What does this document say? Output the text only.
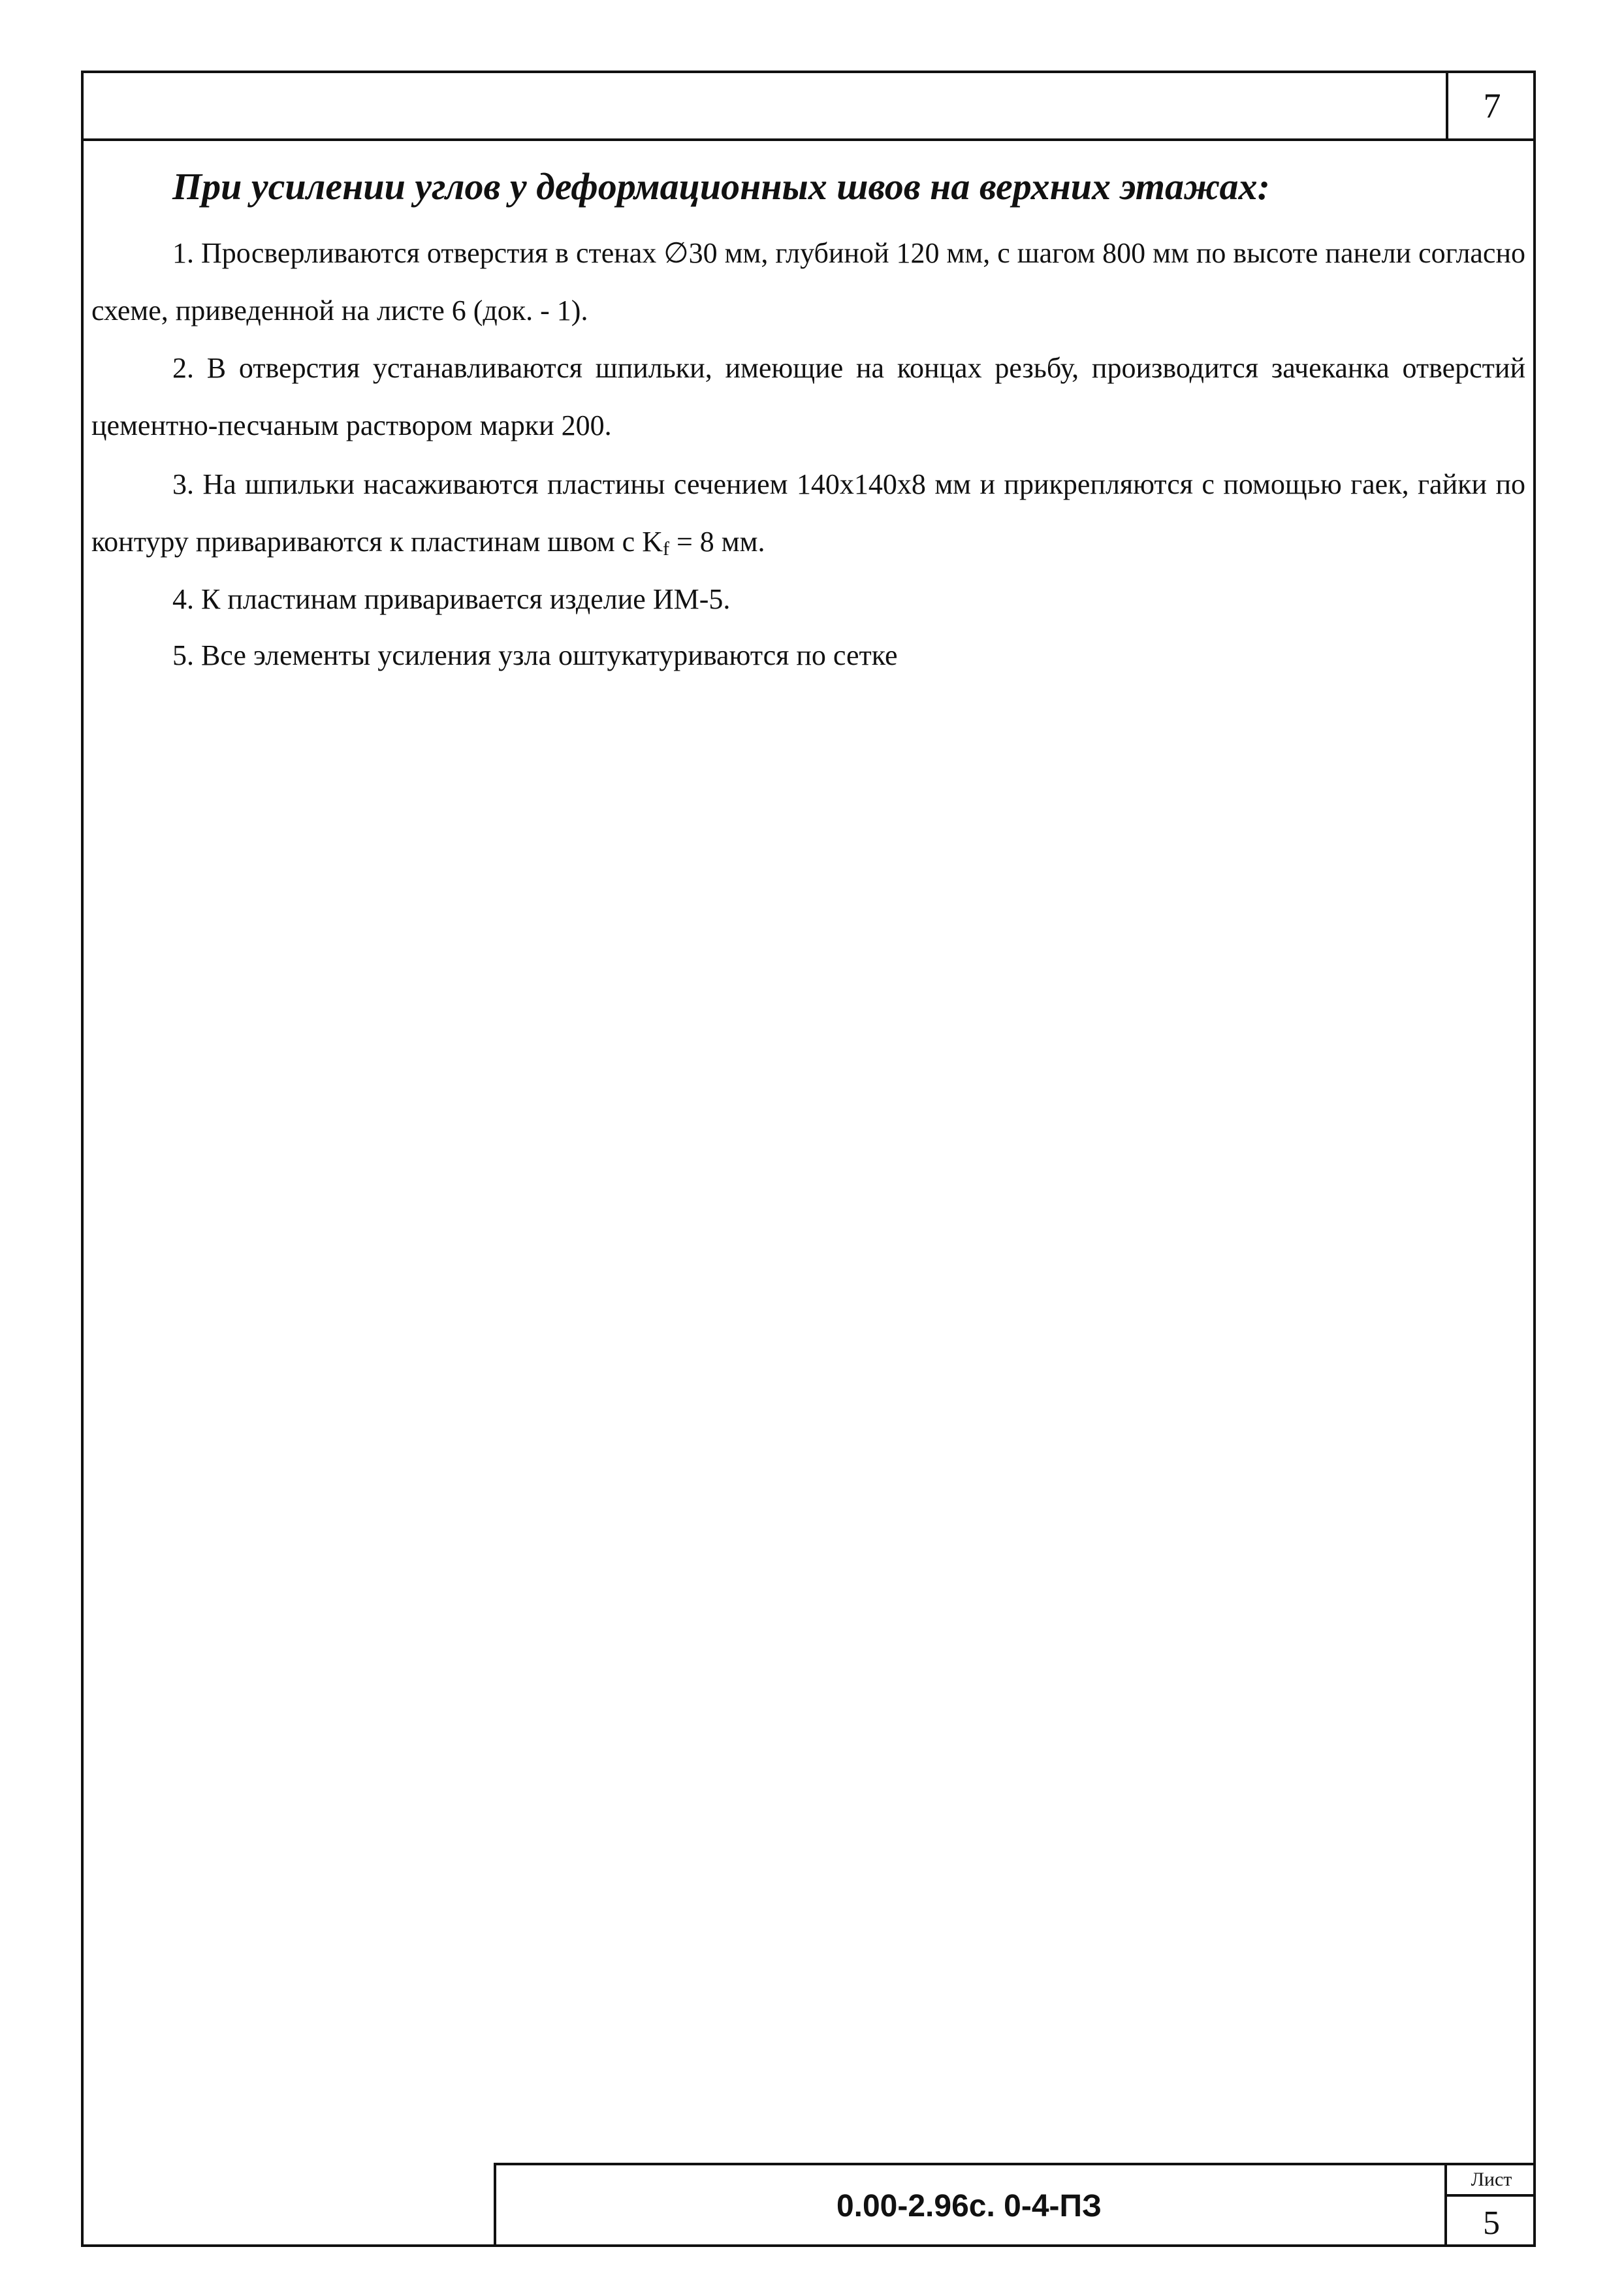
7
При усилении углов у деформационных швов на верхних этажах:

1. Просверливаются отверстия в стенах ∅30 мм, глубиной 120 мм, с шагом 800 мм по высоте панели согласно схеме, приведенной на листе 6 (док. - 1).

2. В отверстия устанавливаются шпильки, имеющие на концах резьбу, производится зачеканка отверстий цементно-песчаным раствором марки 200.

3. На шпильки насаживаются пластины сечением 140х140х8 мм и прикрепляются с помощью гаек, гайки по контуру привариваются к пластинам швом с $K_f = 8$ мм.

4. К пластинам приваривается изделие ИМ-5.

5. Все элементы усиления узла оштукатуриваются по сетке

0.00-2.96с. 0-4-ПЗ
Лист
5
